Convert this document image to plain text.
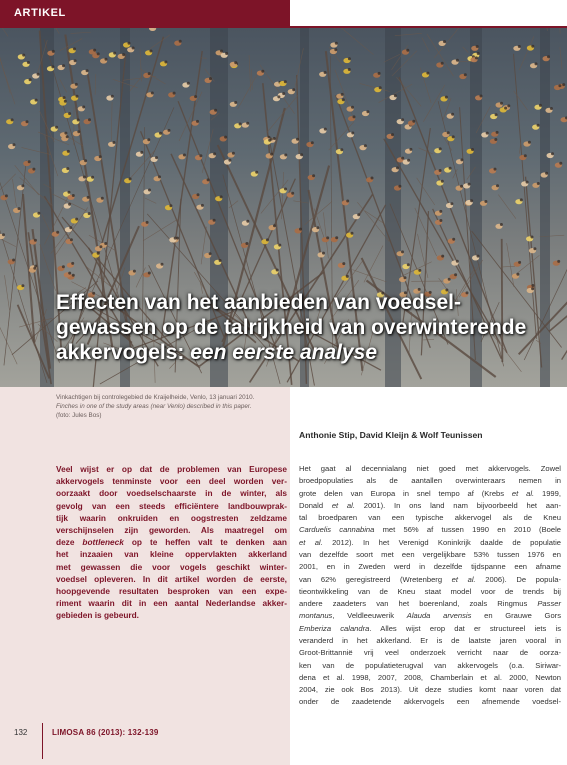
ARTIKEL
Effecten van het aanbieden van voedsel-
gewassen op de talrijkheid van overwinterende
akkervogels: een eerste analyse
Vinkachtigen bij controlegebied de Kraijelheide, Venlo, 13 januari 2010.
Finches in one of the study areas (near Venlo) described in this paper.
(foto: Jules Bos)
Anthonie Stip, David Kleijn & Wolf Teunissen
Veel wijst er op dat de problemen van Europese
akkervogels tenminste voor een deel worden ver-
oorzaakt door voedselschaarste in de winter, als
gevolg van een steeds efficiëntere landbouwprak-
tijk waarin onkruiden en oogstresten zeldzame
verschijnselen zijn geworden. Als maatregel om
deze bottleneck op te heffen valt te denken aan
het inzaaien van kleine oppervlakten akkerland
met gewassen die voor vogels geschikt winter-
voedsel opleveren. In dit artikel worden de eerste,
hoopgevende resultaten besproken van een expe-
riment waarin dit in een aantal Nederlandse akker-
gebieden is gebeurd.
Het gaat al decennialang niet goed met akkervogels. Zowel
broedpopulaties als de aantallen overwinteraars nemen in
grote delen van Europa in snel tempo af (Krebs et al. 1999,
Donald et al. 2001). In ons land nam bijvoorbeeld het aan-
tal broedparen van een typische akkervogel als de Kneu
Carduelis cannabina met 56% af tussen 1990 en 2010 (Boele
et al. 2012). In het Verenigd Koninkrijk daalde de populatie
van dezelfde soort met een vergelijkbare 53% tussen 1976 en
2001, en in Zweden werd in dezelfde tijdspanne een afname
van 62% geregistreerd (Wretenberg et al. 2006). De popula-
tieontwikkeling van de Kneu staat model voor de trends bij
andere zaadeters van het boerenland, zoals Ringmus Passer
montanus, Veldleeuwerik Alauda arvensis en Grauwe Gors
Emberiza calandra. Alles wijst erop dat er structureel iets is
veranderd in het akkerland. Er is de laatste jaren vooral in
Groot-Brittannië vrij veel onderzoek verricht naar de oorza-
ken van de populatieterugval van akkervogels (o.a. Siriwar-
dena et al. 1998, 2007, 2008, Chamberlain et al. 2000, Newton
2004, zie ook Bos 2013). Uit deze studies komt naar voren dat
onder de zaadetende akkervogels een afnemende voedsel-
132	LIMOSA 86 (2013): 132-139
